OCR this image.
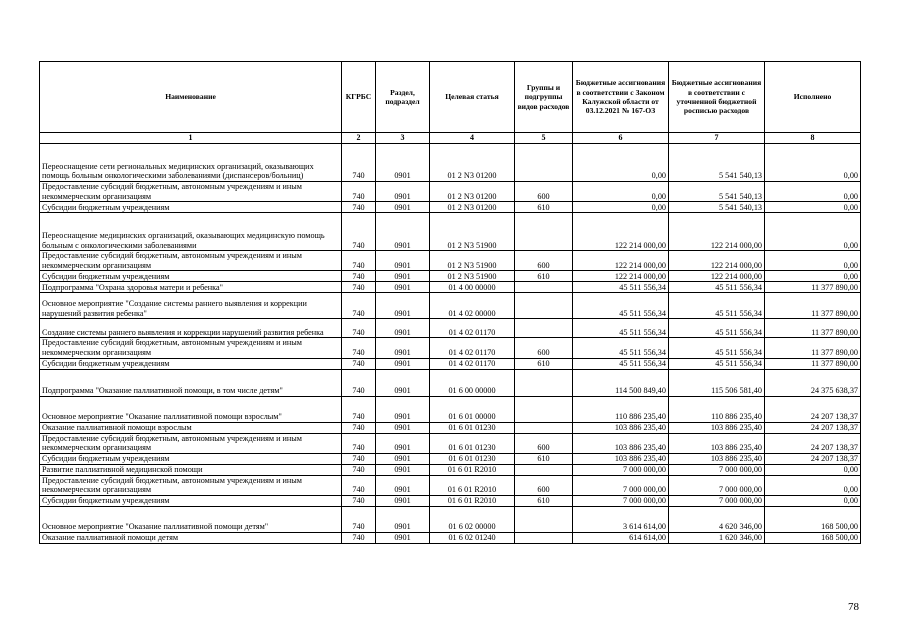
Наименование	КГРБС	Раздел, подраздел	Целевая статья	Группы и подгруппы видов расходов	Бюджетные ассигнования в соответствии с Законом Калужской области от 03.12.2021 № 167-ОЗ	Бюджетные ассигнования в соответствии с уточненной бюджетной росписью расходов	Исполнено
1	2	3	4	5	6	7	8
Переоснащение сети региональных медицинских организаций, оказывающих помощь больным онкологическими заболеваниями (диспансеров/больниц)	740	0901	01 2 N3 01200		0,00	5 541 540,13	0,00
Предоставление субсидий бюджетным, автономным учреждениям и иным некоммерческим организациям	740	0901	01 2 N3 01200	600	0,00	5 541 540,13	0,00
Субсидии бюджетным учреждениям	740	0901	01 2 N3 01200	610	0,00	5 541 540,13	0,00
Переоснащение медицинских организаций, оказывающих медицинскую помощь больным с онкологическими заболеваниями	740	0901	01 2 N3 51900		122 214 000,00	122 214 000,00	0,00
Предоставление субсидий бюджетным, автономным учреждениям и иным некоммерческим организациям	740	0901	01 2 N3 51900	600	122 214 000,00	122 214 000,00	0,00
Субсидии бюджетным учреждениям	740	0901	01 2 N3 51900	610	122 214 000,00	122 214 000,00	0,00
Подпрограмма "Охрана здоровья матери и ребенка"	740	0901	01 4 00 00000		45 511 556,34	45 511 556,34	11 377 890,00
Основное мероприятие "Создание системы раннего выявления и коррекции нарушений развития ребенка"	740	0901	01 4 02 00000		45 511 556,34	45 511 556,34	11 377 890,00
Создание системы раннего выявления и коррекции нарушений развития ребенка	740	0901	01 4 02 01170		45 511 556,34	45 511 556,34	11 377 890,00
Предоставление субсидий бюджетным, автономным учреждениям и иным некоммерческим организациям	740	0901	01 4 02 01170	600	45 511 556,34	45 511 556,34	11 377 890,00
Субсидии бюджетным учреждениям	740	0901	01 4 02 01170	610	45 511 556,34	45 511 556,34	11 377 890,00
Подпрограмма "Оказание паллиативной помощи, в том числе детям"	740	0901	01 6 00 00000		114 500 849,40	115 506 581,40	24 375 638,37
Основное мероприятие "Оказание паллиативной помощи взрослым"	740	0901	01 6 01 00000		110 886 235,40	110 886 235,40	24 207 138,37
Оказание паллиативной помощи взрослым	740	0901	01 6 01 01230		103 886 235,40	103 886 235,40	24 207 138,37
Предоставление субсидий бюджетным, автономным учреждениям и иным некоммерческим организациям	740	0901	01 6 01 01230	600	103 886 235,40	103 886 235,40	24 207 138,37
Субсидии бюджетным учреждениям	740	0901	01 6 01 01230	610	103 886 235,40	103 886 235,40	24 207 138,37
Развитие паллиативной медицинской помощи	740	0901	01 6 01 R2010		7 000 000,00	7 000 000,00	0,00
Предоставление субсидий бюджетным, автономным учреждениям и иным некоммерческим организациям	740	0901	01 6 01 R2010	600	7 000 000,00	7 000 000,00	0,00
Субсидии бюджетным учреждениям	740	0901	01 6 01 R2010	610	7 000 000,00	7 000 000,00	0,00
Основное мероприятие "Оказание паллиативной помощи детям"	740	0901	01 6 02 00000		3 614 614,00	4 620 346,00	168 500,00
Оказание паллиативной помощи детям	740	0901	01 6 02 01240		614 614,00	1 620 346,00	168 500,00
78
